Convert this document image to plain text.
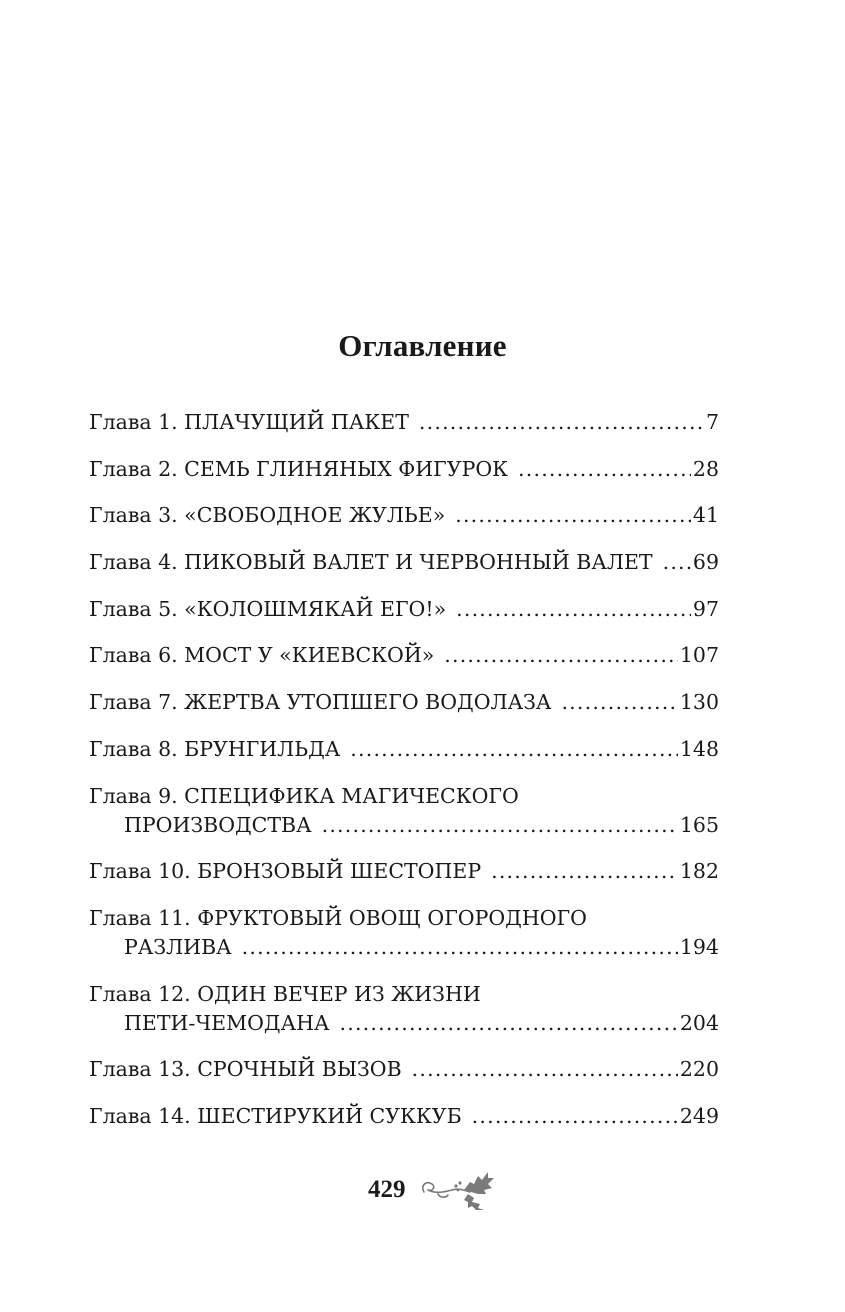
Оглавление
Глава 1. ПЛАЧУЩИЙ ПАКЕТ .....	7
Глава 2. СЕМЬ ГЛИНЯНЫХ ФИГУРОК .....	28
Глава 3. «СВОБОДНОЕ ЖУЛЬЕ» .....	41
Глава 4. ПИКОВЫЙ ВАЛЕТ И ЧЕРВОННЫЙ ВАЛЕТ ..... 69
Глава 5. «КОЛОШМЯКАЙ ЕГО!» .....	97
Глава 6. МОСТ У «КИЕВСКОЙ» .....	107
Глава 7. ЖЕРТВА УТОПШЕГО ВОДОЛАЗА .....	130
Глава 8. БРУНГИЛЬДА .....	148
Глава 9. СПЕЦИФИКА МАГИЧЕСКОГО
ПРОИЗВОДСТВА .....	165
Глава 10. БРОНЗОВЫЙ ШЕСТОПЕР .....	182
Глава 11. ФРУКТОВЫЙ ОВОЩ ОГОРОДНОГО
РАЗЛИВА .....	194
Глава 12. ОДИН ВЕЧЕР ИЗ ЖИЗНИ
ПЕТИ-ЧЕМОДАНА .....	204
Глава 13. СРОЧНЫЙ ВЫЗОВ .....	220
Глава 14. ШЕСТИРУКИЙ СУККУБ .....	249
429
